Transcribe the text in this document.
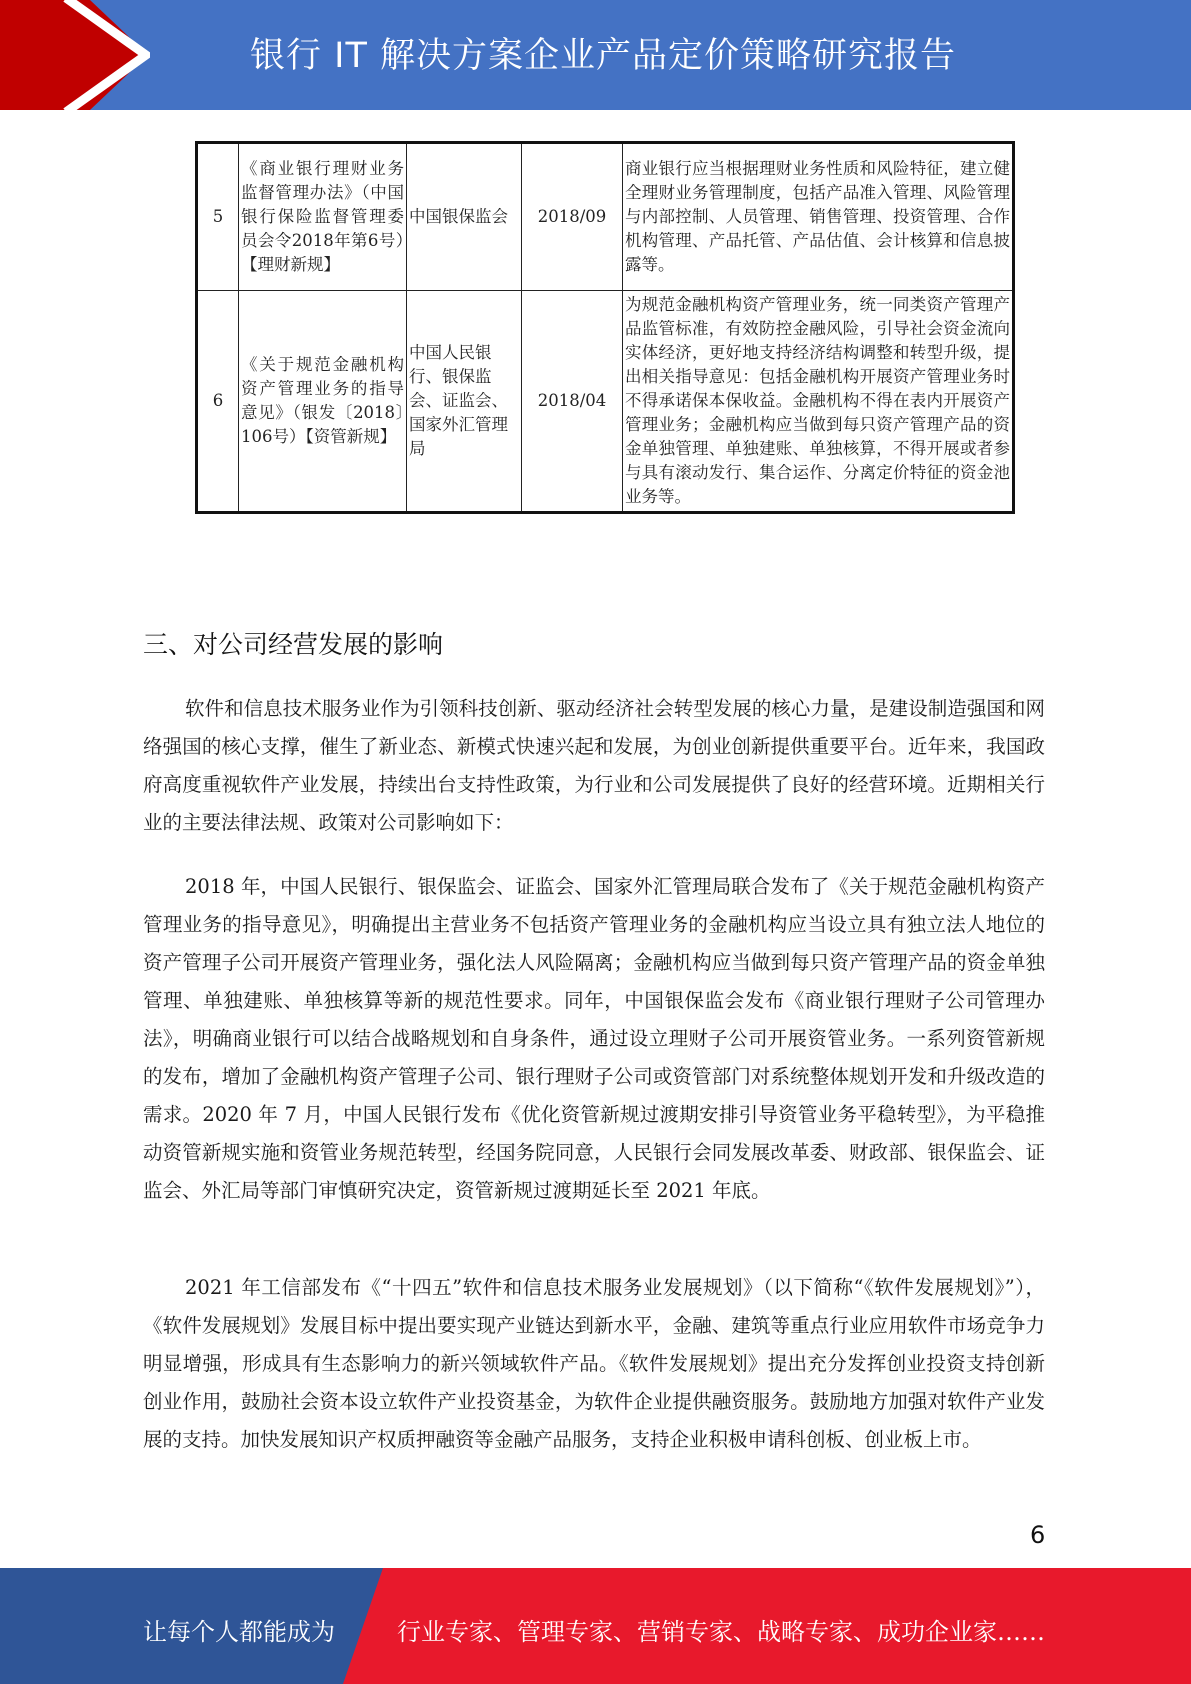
银行 IT 解决方案企业产品定价策略研究报告
5	《商业银行理财业务监督管理办法》（中国银行保险监督管理委员会令2018年第6号）【理财新规】	中国银保监会	2018/09	商业银行应当根据理财业务性质和风险特征，建立健全理财业务管理制度，包括产品准入管理、风险管理与内部控制、人员管理、销售管理、投资管理、合作机构管理、产品托管、产品估值、会计核算和信息披露等。
6	《关于规范金融机构资产管理业务的指导意见》（银发〔2018〕106号）【资管新规】	中国人民银行、银保监会、证监会、国家外汇管理局	2018/04	为规范金融机构资产管理业务，统一同类资产管理产品监管标准，有效防控金融风险，引导社会资金流向实体经济，更好地支持经济结构调整和转型升级，提出相关指导意见：包括金融机构开展资产管理业务时不得承诺保本保收益。金融机构不得在表内开展资产管理业务；金融机构应当做到每只资产管理产品的资金单独管理、单独建账、单独核算，不得开展或者参与具有滚动发行、集合运作、分离定价特征的资金池业务等。
三、对公司经营发展的影响

软件和信息技术服务业作为引领科技创新、驱动经济社会转型发展的核心力量，是建设制造强国和网络强国的核心支撑，催生了新业态、新模式快速兴起和发展，为创业创新提供重要平台。近年来，我国政府高度重视软件产业发展，持续出台支持性政策，为行业和公司发展提供了良好的经营环境。近期相关行业的主要法律法规、政策对公司影响如下：

2018 年，中国人民银行、银保监会、证监会、国家外汇管理局联合发布了《关于规范金融机构资产管理业务的指导意见》，明确提出主营业务不包括资产管理业务的金融机构应当设立具有独立法人地位的资产管理子公司开展资产管理业务，强化法人风险隔离；金融机构应当做到每只资产管理产品的资金单独管理、单独建账、单独核算等新的规范性要求。同年，中国银保监会发布《商业银行理财子公司管理办法》，明确商业银行可以结合战略规划和自身条件，通过设立理财子公司开展资管业务。一系列资管新规的发布，增加了金融机构资产管理子公司、银行理财子公司或资管部门对系统整体规划开发和升级改造的需求。2020 年 7 月，中国人民银行发布《优化资管新规过渡期安排引导资管业务平稳转型》，为平稳推动资管新规实施和资管业务规范转型，经国务院同意，人民银行会同发展改革委、财政部、银保监会、证监会、外汇局等部门审慎研究决定，资管新规过渡期延长至 2021 年底。

2021 年工信部发布《“十四五”软件和信息技术服务业发展规划》（以下简称“《软件发展规划》”），《软件发展规划》发展目标中提出要实现产业链达到新水平，金融、建筑等重点行业应用软件市场竞争力明显增强，形成具有生态影响力的新兴领域软件产品。《软件发展规划》提出充分发挥创业投资支持创新创业作用，鼓励社会资本设立软件产业投资基金，为软件企业提供融资服务。鼓励地方加强对软件产业发展的支持。加快发展知识产权质押融资等金融产品服务，支持企业积极申请科创板、创业板上市。

6
让每个人都能成为	行业专家、管理专家、营销专家、战略专家、成功企业家……
